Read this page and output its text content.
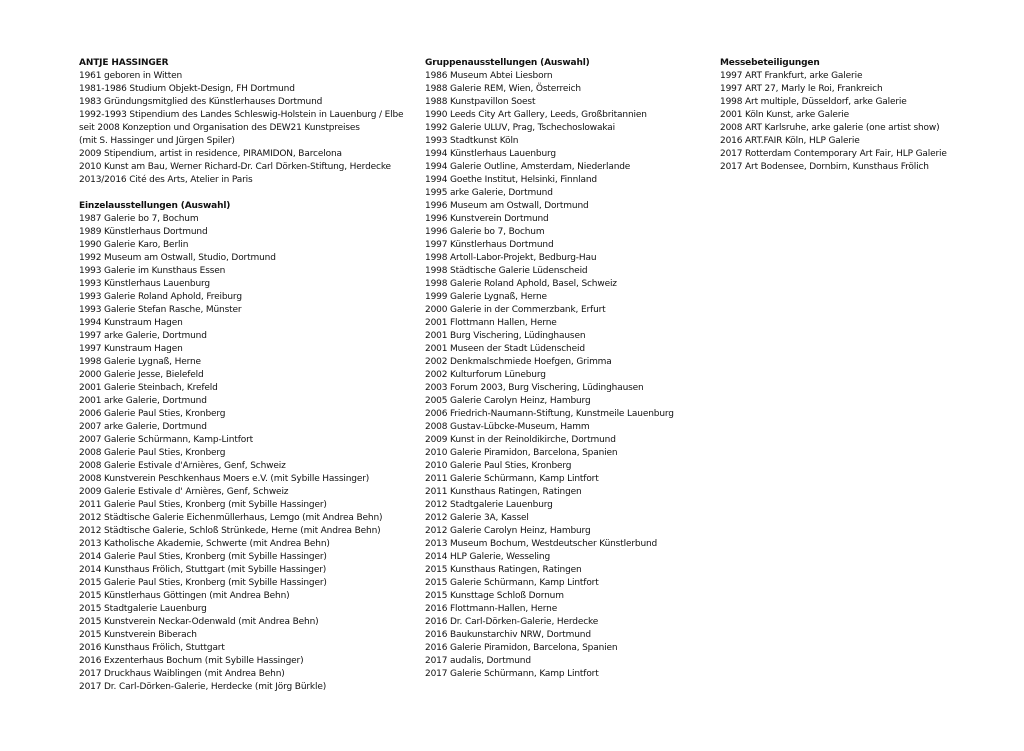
ANTJE HASSINGER
1961 geboren in Witten
1981-1986 Studium Objekt-Design, FH Dortmund
1983 Gründungsmitglied des Künstlerhauses Dortmund
1992-1993 Stipendium des Landes Schleswig-Holstein in Lauenburg / Elbe
seit 2008 Konzeption und Organisation des DEW21 Kunstpreises
(mit S. Hassinger und Jürgen Spiler)
2009 Stipendium, artist in residence, PIRAMIDON, Barcelona
2010 Kunst am Bau, Werner Richard-Dr. Carl Dörken-Stiftung, Herdecke
2013/2016 Cité des Arts, Atelier in Paris
Einzelausstellungen (Auswahl)
1987 Galerie bo 7, Bochum
1989 Künstlerhaus Dortmund
1990 Galerie Karo, Berlin
1992 Museum am Ostwall, Studio, Dortmund
1993 Galerie im Kunsthaus Essen
1993 Künstlerhaus Lauenburg
1993 Galerie Roland Aphold, Freiburg
1993 Galerie Stefan Rasche, Münster
1994 Kunstraum Hagen
1997 arke Galerie, Dortmund
1997 Kunstraum Hagen
1998 Galerie Lygnaß, Herne
2000 Galerie Jesse, Bielefeld
2001 Galerie Steinbach, Krefeld
2001 arke Galerie, Dortmund
2006 Galerie Paul Sties, Kronberg
2007 arke Galerie, Dortmund
2007 Galerie Schürmann, Kamp-Lintfort
2008 Galerie Paul Sties, Kronberg
2008 Galerie Estivale d'Arnières, Genf, Schweiz
2008 Kunstverein Peschkenhaus Moers e.V. (mit Sybille Hassinger)
2009 Galerie Estivale d' Arnières, Genf, Schweiz
2011 Galerie Paul Sties, Kronberg (mit Sybille Hassinger)
2012 Städtische Galerie Eichenmüllerhaus, Lemgo (mit Andrea Behn)
2012 Städtische Galerie, Schloß Strünkede, Herne (mit Andrea Behn)
2013 Katholische Akademie, Schwerte (mit Andrea Behn)
2014 Galerie Paul Sties, Kronberg (mit Sybille Hassinger)
2014 Kunsthaus Frölich, Stuttgart (mit Sybille Hassinger)
2015 Galerie Paul Sties, Kronberg (mit Sybille Hassinger)
2015 Künstlerhaus Göttingen (mit Andrea Behn)
2015 Stadtgalerie Lauenburg
2015 Kunstverein Neckar-Odenwald (mit Andrea Behn)
2015 Kunstverein Biberach
2016 Kunsthaus Frölich, Stuttgart
2016 Exzenterhaus Bochum (mit Sybille Hassinger)
2017 Druckhaus Waiblingen (mit Andrea Behn)
2017 Dr. Carl-Dörken-Galerie, Herdecke (mit Jörg Bürkle)
Gruppenausstellungen (Auswahl)
1986 Museum Abtei Liesborn
1988 Galerie REM, Wien, Österreich
1988 Kunstpavillon Soest
1990 Leeds City Art Gallery, Leeds, Großbritannien
1992 Galerie ULUV, Prag, Tschechoslowakai
1993 Stadtkunst Köln
1994 Künstlerhaus Lauenburg
1994 Galerie Outline, Amsterdam, Niederlande
1994 Goethe Institut, Helsinki, Finnland
1995 arke Galerie, Dortmund
1996 Museum am Ostwall, Dortmund
1996 Kunstverein Dortmund
1996 Galerie bo 7, Bochum
1997 Künstlerhaus Dortmund
1998 Artoll-Labor-Projekt, Bedburg-Hau
1998 Städtische Galerie Lüdenscheid
1998 Galerie Roland Aphold, Basel, Schweiz
1999 Galerie Lygnaß, Herne
2000 Galerie in der Commerzbank, Erfurt
2001 Flottmann Hallen, Herne
2001 Burg Vischering, Lüdinghausen
2001 Museen der Stadt Lüdenscheid
2002 Denkmalschmiede Hoefgen, Grimma
2002 Kulturforum Lüneburg
2003 Forum 2003, Burg Vischering, Lüdinghausen
2005 Galerie Carolyn Heinz, Hamburg
2006 Friedrich-Naumann-Stiftung, Kunstmeile Lauenburg
2008 Gustav-Lübcke-Museum, Hamm
2009 Kunst in der Reinoldikirche, Dortmund
2010 Galerie Piramidon, Barcelona, Spanien
2010 Galerie Paul Sties, Kronberg
2011 Galerie Schürmann, Kamp Lintfort
2011 Kunsthaus Ratingen, Ratingen
2012 Stadtgalerie Lauenburg
2012 Galerie 3A, Kassel
2012 Galerie Carolyn Heinz, Hamburg
2013 Museum Bochum, Westdeutscher Künstlerbund
2014 HLP Galerie, Wesseling
2015 Kunsthaus Ratingen, Ratingen
2015 Galerie Schürmann, Kamp Lintfort
2015 Kunsttage Schloß Dornum
2016 Flottmann-Hallen, Herne
2016 Dr. Carl-Dörken-Galerie, Herdecke
2016 Baukunstarchiv NRW, Dortmund
2016 Galerie Piramidon, Barcelona, Spanien
2017 audalis, Dortmund
2017 Galerie Schürmann, Kamp Lintfort
Messebeteiligungen
1997 ART Frankfurt, arke Galerie
1997 ART 27, Marly le Roi, Frankreich
1998 Art multiple, Düsseldorf, arke Galerie
2001 Köln Kunst, arke Galerie
2008 ART Karlsruhe, arke galerie (one artist show)
2016 ART.FAIR Köln, HLP Galerie
2017 Rotterdam Contemporary Art Fair, HLP Galerie
2017 Art Bodensee, Dornbirn, Kunsthaus Frölich
